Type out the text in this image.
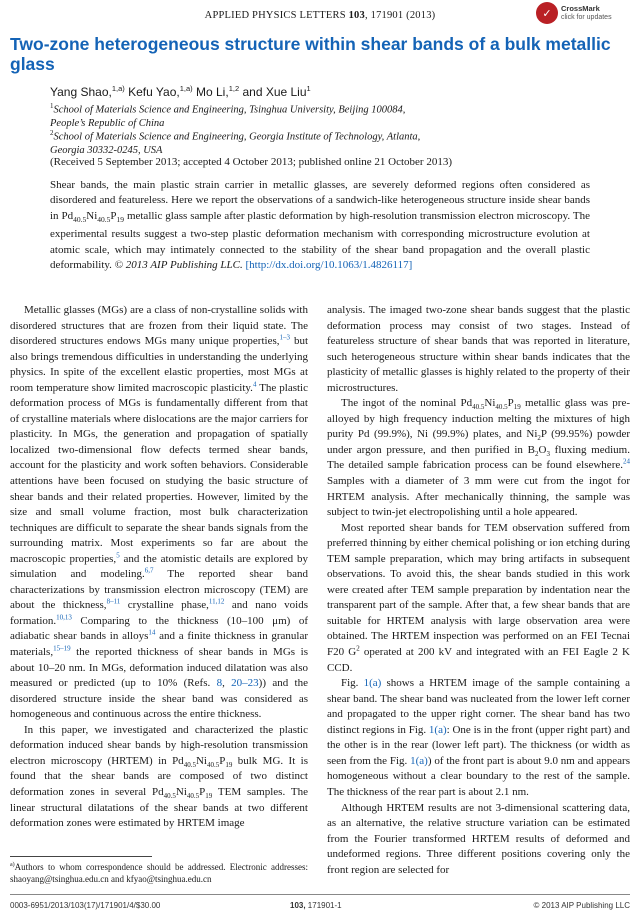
APPLIED PHYSICS LETTERS 103, 171901 (2013)	✓	CrossMark
click for updates
Two-zone heterogeneous structure within shear bands of a bulk metallic glass
Yang Shao,$^{1,a)}$ Kefu Yao,$^{1,a)}$ Mo Li,$^{1,2}$ and Xue Liu$^1$
$^1$School of Materials Science and Engineering, Tsinghua University, Beijing 100084,
People’s Republic of China
$^2$School of Materials Science and Engineering, Georgia Institute of Technology, Atlanta,
Georgia 30332-0245, USA
(Received 5 September 2013; accepted 4 October 2013; published online 21 October 2013)
Shear bands, the main plastic strain carrier in metallic glasses, are severely deformed regions often considered as disordered and featureless. Here we report the observations of a sandwich-like heterogeneous structure inside shear bands in $Pd_{40.5}Ni_{40.5}P_{19}$ metallic glass sample after plastic deformation by high-resolution transmission electron microscopy. The experimental results suggest a two-step plastic deformation mechanism with corresponding microstructure evolution at atomic scale, which may intimately connected to the stability of the shear band propagation and the overall plastic deformability. © 2013 AIP Publishing LLC. [http://dx.doi.org/10.1063/1.4826117]

Metallic glasses (MGs) are a class of non-crystalline solids with disordered structures that are frozen from their liquid state. The disordered structures endows MGs many unique properties,$^{1-3}$ but also brings tremendous difficulties in understanding the underlying physics. In spite of the excellent elastic properties, most MGs at room temperature show limited macroscopic plasticity.$^4$ The plastic deformation process of MGs is fundamentally different from that of crystalline materials where dislocations are the major carriers for plasticity. In MGs, the generation and propagation of spatially localized two-dimensional flow defects termed shear bands, account for the plasticity and work soften behaviors. Considerable attentions have been focused on studying the basic structure of shear bands and their related properties. However, limited by the size and small volume fraction, most bulk characterization techniques are difficult to separate the shear bands signals from the surrounding matrix. Most experiments so far are about the macroscopic properties,$^5$ and the atomistic details are explored by simulation and modeling.$^{6,7}$ The reported shear band characterizations by transmission electron microscopy (TEM) are about the thickness,$^{8-11}$ crystalline phase,$^{11,12}$ and nano voids formation.$^{10,13}$ Comparing to the thickness (10–100 μm) of adiabatic shear bands in alloys$^{14}$ and a finite thickness in granular materials,$^{15-19}$ the reported thickness of shear bands in MGs is about 10–20 nm. In MGs, deformation induced dilatation was also measured or predicted (up to 10% (Refs. 8, 20–23)) and the disordered structure inside the shear band was considered as homogeneous and continuous across the entire thickness.

In this paper, we investigated and characterized the plastic deformation induced shear bands by high-resolution transmission electron microscopy (HRTEM) in $Pd_{40.5}Ni_{40.5}P_{19}$ bulk MG. It is found that the shear bands are composed of two distinct deformation zones in several $Pd_{40.5}Ni_{40.5}P_{19}$ TEM samples. The linear structural dilatations of the shear bands at two different deformation zones were estimated by HRTEM image

analysis. The imaged two-zone shear bands suggest that the plastic deformation process may consist of two stages. Instead of featureless structure of shear bands that was reported in literature, such heterogeneous structure within shear bands indicates that the plasticity of metallic glasses is highly related to the property of their microstructures.

The ingot of the nominal $Pd_{40.5}Ni_{40.5}P_{19}$ metallic glass was pre-alloyed by high frequency induction melting the mixtures of high purity Pd (99.9%), Ni (99.9%) plates, and $Ni_2P$ (99.95%) powder under argon pressure, and then purified in $B_2O_3$ fluxing medium. The detailed sample fabrication process can be found elsewhere.$^{24}$ Samples with a diameter of 3 mm were cut from the ingot for HRTEM analysis. After mechanically thinning, the sample was subject to twin-jet electropolishing until a hole appeared.

Most reported shear bands for TEM observation suffered from preferred thinning by either chemical polishing or ion etching during TEM sample preparation, which may bring artifacts in subsequent observations. To avoid this, the shear bands studied in this work were created after TEM sample preparation by indentation near the transparent part of the sample. After that, a few shear bands that are suitable for HRTEM analysis with large observation area were obtained. The HRTEM inspection was performed on an FEI Tecnai F20 $G^2$ operated at 200 kV and integrated with an FEI Eagle 2 K CCD.

Fig. 1(a) shows a HRTEM image of the sample containing a shear band. The shear band was nucleated from the lower left corner and propagated to the upper right corner. The shear band has two distinct regions in Fig. 1(a): One is in the front (upper right part) and the other is in the rear (lower left part). The thickness (or width as seen from the Fig. 1(a)) of the front part is about 9.0 nm and appears homogeneous without a clear boundary to the rest of the sample. The thickness of the rear part is about 2.1 nm.

Although HRTEM results are not 3-dimensional scattering data, as an alternative, the relative structure variation can be estimated from the Fourier transformed HRTEM results of deformed and undeformed regions. Three different positions covering only the front region are selected for

$^{a)}$Authors to whom correspondence should be addressed. Electronic addresses: shaoyang@tsinghua.edu.cn and kfyao@tsinghua.edu.cn
0003-6951/2013/103(17)/171901/4/$30.00	103, 171901-1	© 2013 AIP Publishing LLC
